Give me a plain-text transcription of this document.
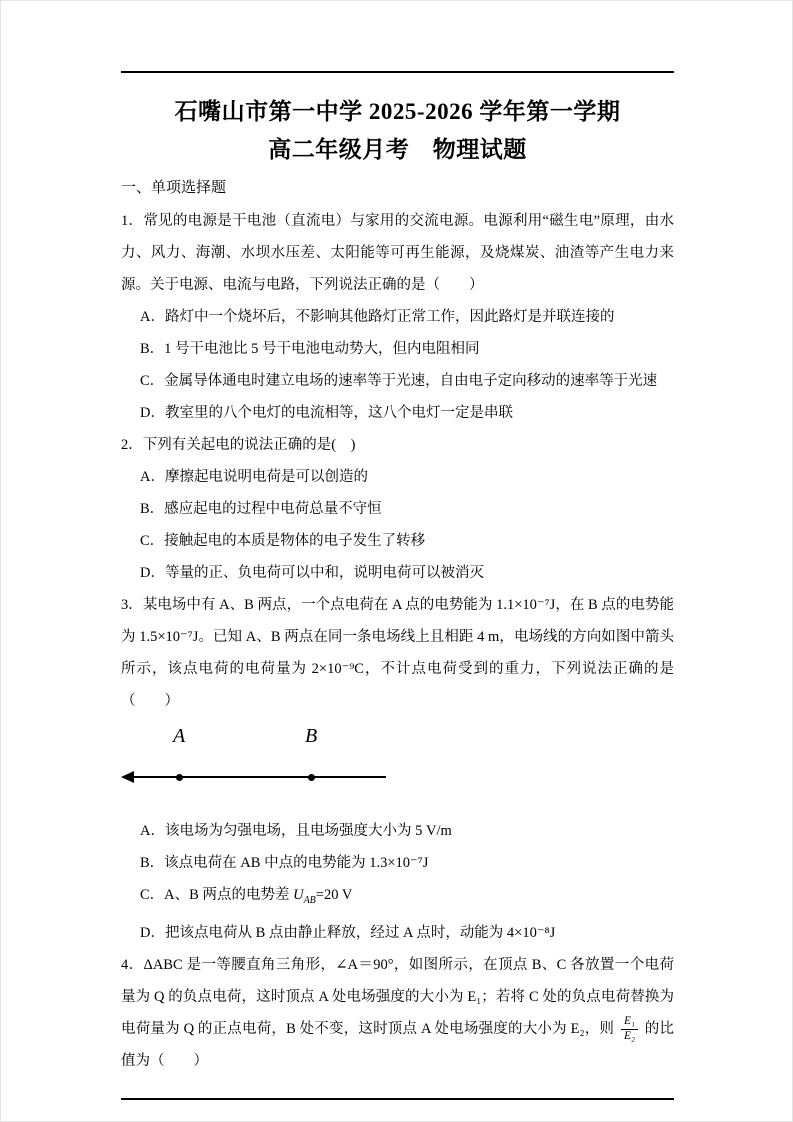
石嘴山市第一中学 2025-2026 学年第一学期
高二年级月考　物理试题
一、单项选择题

1．常见的电源是干电池（直流电）与家用的交流电源。电源利用“磁生电”原理，由水力、风力、海潮、水坝水压差、太阳能等可再生能源，及烧煤炭、油渣等产生电力来源。关于电源、电流与电路，下列说法正确的是（　　）

A．路灯中一个烧坏后，不影响其他路灯正常工作，因此路灯是并联连接的

B．1 号干电池比 5 号干电池电动势大，但内电阻相同

C．金属导体通电时建立电场的速率等于光速，自由电子定向移动的速率等于光速

D．教室里的八个电灯的电流相等，这八个电灯一定是串联

2．下列有关起电的说法正确的是(　)

A．摩擦起电说明电荷是可以创造的

B．感应起电的过程中电荷总量不守恒

C．接触起电的本质是物体的电子发生了转移

D．等量的正、负电荷可以中和，说明电荷可以被消灭

3．某电场中有 A、B 两点，一个点电荷在 A 点的电势能为 1.1×10⁻⁷J，在 B 点的电势能为 1.5×10⁻⁷J。已知 A、B 两点在同一条电场线上且相距 4 m，电场线的方向如图中箭头所示，该点电荷的电荷量为 2×10⁻⁹C，不计点电荷受到的重力，下列说法正确的是（　　）

A	B

A．该电场为匀强电场，且电场强度大小为 5 V/m

B．该点电荷在 AB 中点的电势能为 1.3×10⁻⁷J

C．A、B 两点的电势差 $U_{AB}=20$ V

D．把该点电荷从 B 点由静止释放，经过 A 点时，动能为 4×10⁻⁸J

4．ΔABC 是一等腰直角三角形，∠A＝90°，如图所示，在顶点 B、C 各放置一个电荷量为 Q 的负点电荷，这时顶点 A 处电场强度的大小为 E₁；若将 C 处的负点电荷替换为电荷量为 Q 的正点电荷，B 处不变，这时顶点 A 处电场强度的大小为 E₂，则 $\frac{\text{E₁}}{\text{E₂}}$ 的比值为（　　）
